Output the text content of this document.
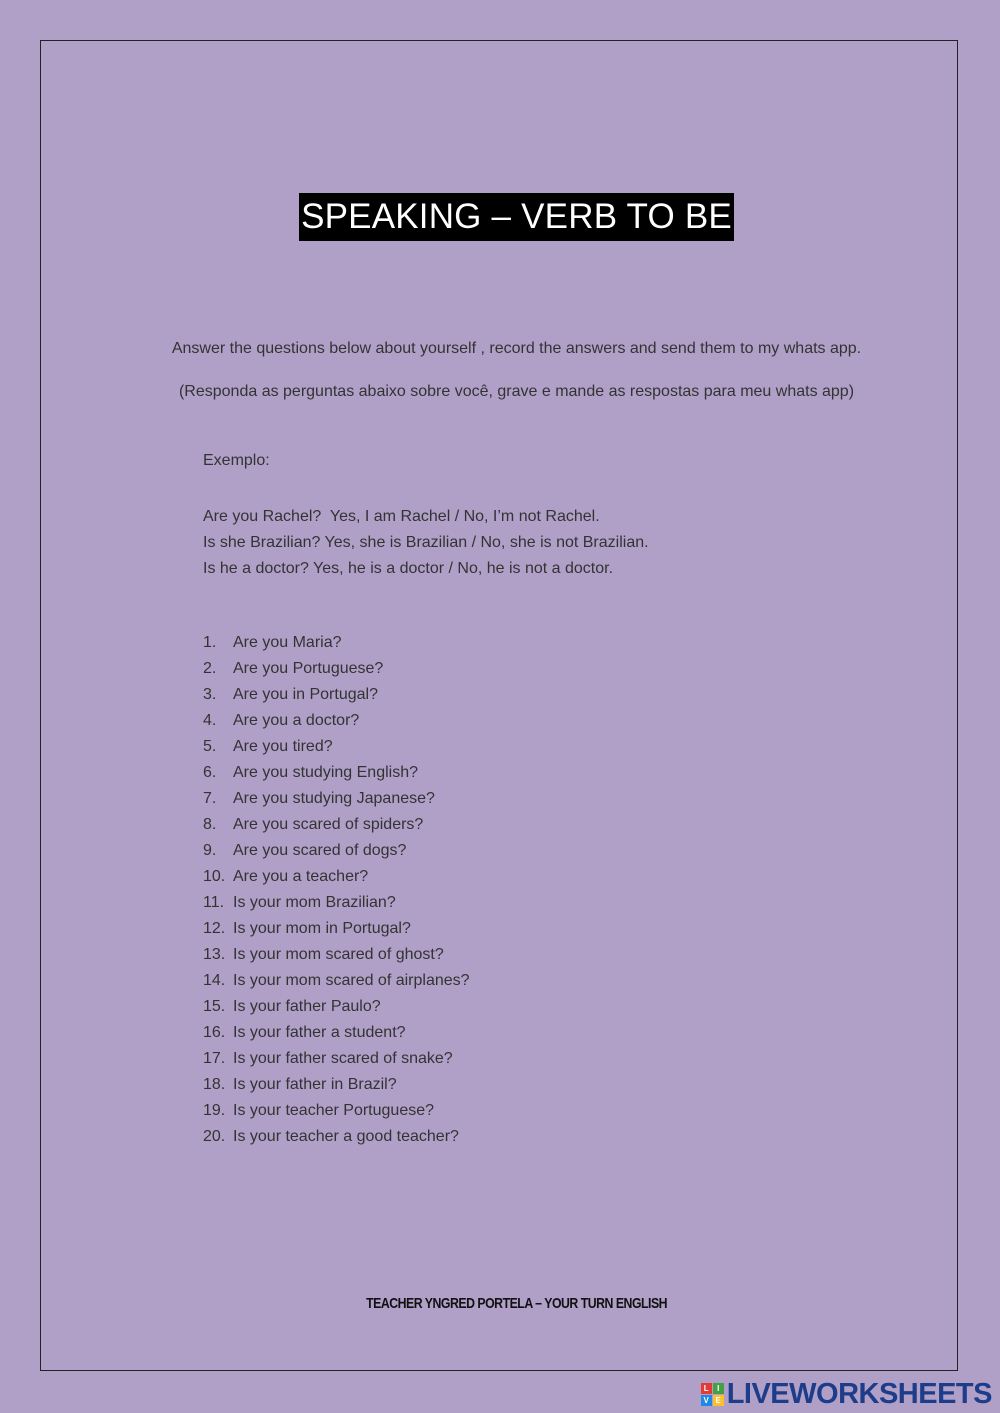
SPEAKING – VERB TO BE
Answer the questions below about yourself , record the answers and send them to my whats app.
(Responda as perguntas abaixo sobre você, grave e mande as respostas para meu whats app)
Exemplo:
Are you Rachel?  Yes, I am Rachel / No, I’m not Rachel.
Is she Brazilian? Yes, she is Brazilian / No, she is not Brazilian.
Is he a doctor? Yes, he is a doctor / No, he is not a doctor.
1.	Are you Maria?
2.	Are you Portuguese?
3.	Are you in Portugal?
4.	Are you a doctor?
5.	Are you tired?
6.	Are you studying English?
7.	Are you studying Japanese?
8.	Are you scared of spiders?
9.	Are you scared of dogs?
10. Are you a teacher?
11. Is your mom Brazilian?
12. Is your mom in Portugal?
13. Is your mom scared of ghost?
14. Is your mom scared of airplanes?
15. Is your father Paulo?
16. Is your father a student?
17. Is your father scared of snake?
18. Is your father in Brazil?
19. Is your teacher Portuguese?
20. Is your teacher a good teacher?
TEACHER YNGRED PORTELA – YOUR TURN ENGLISH
L	I
V E LIVEWORKSHEETS
